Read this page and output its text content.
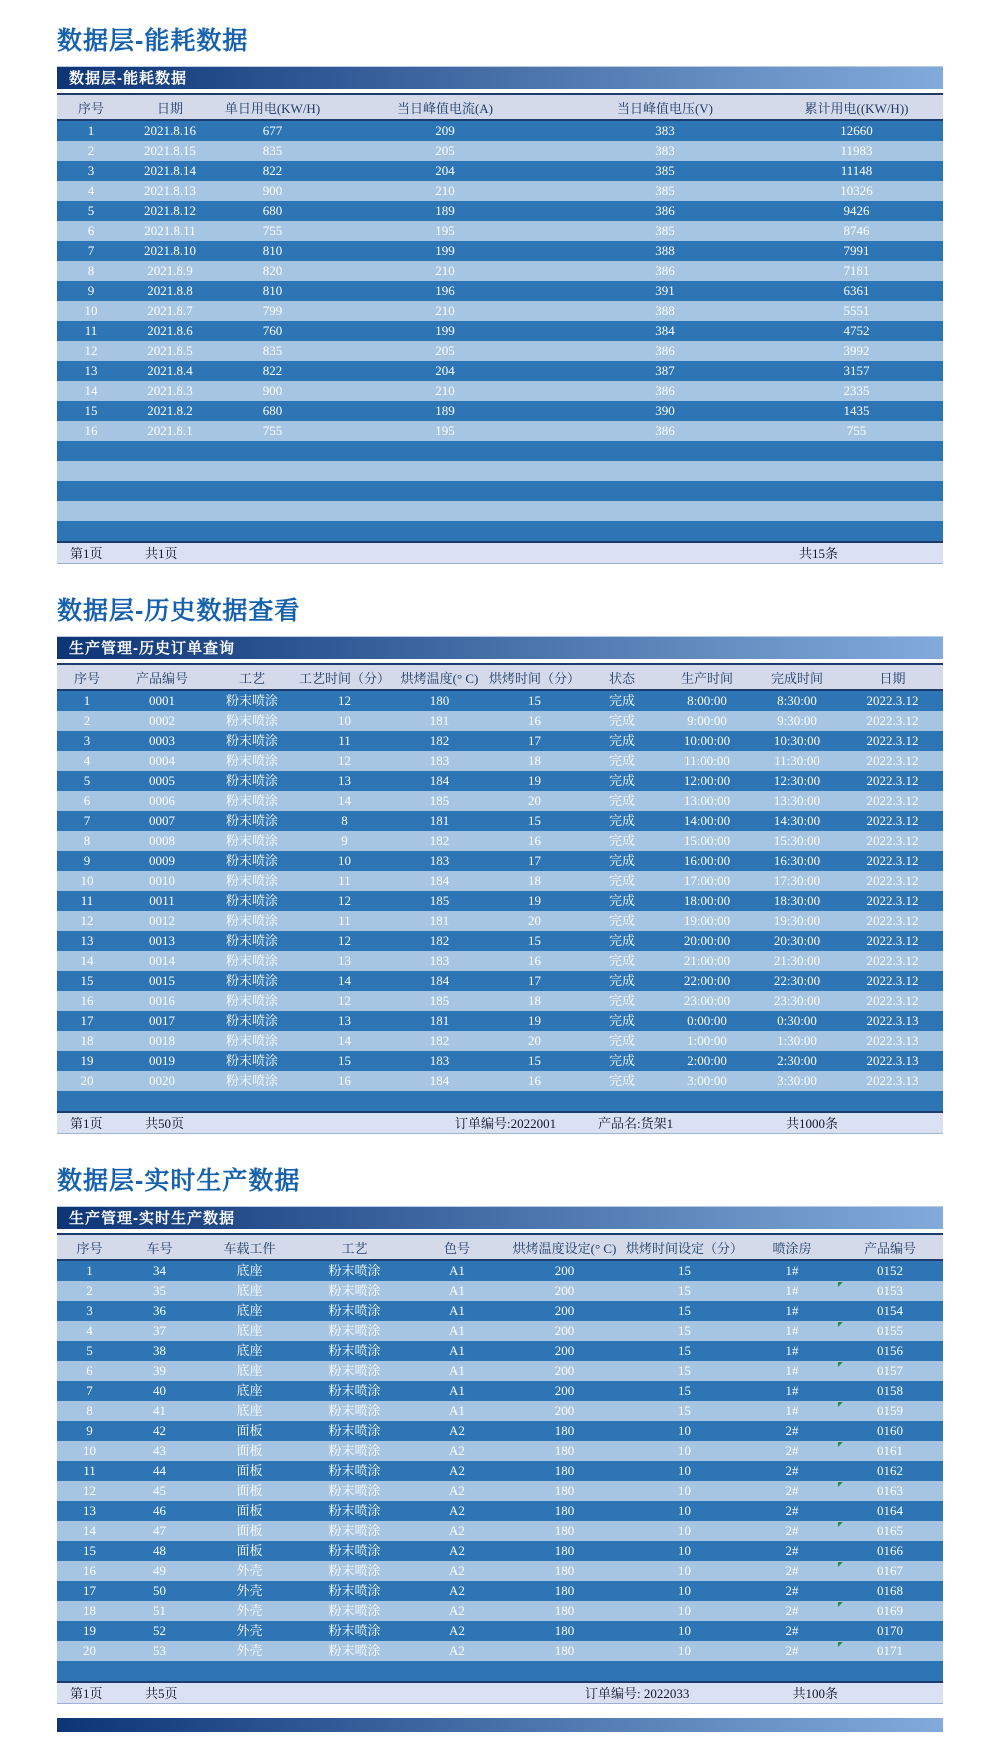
数据层-能耗数据
数据层-能耗数据
序号	日期	单日用电(KW/H)	当日峰值电流(A)	当日峰值电压(V)	累计用电((KW/H))
1	2021.8.16	677	209	383	12660
2	2021.8.15	835	205	383	11983
3	2021.8.14	822	204	385	11148
4	2021.8.13	900	210	385	10326
5	2021.8.12	680	189	386	9426
6	2021.8.11	755	195	385	8746
7	2021.8.10	810	199	388	7991
8	2021.8.9	820	210	386	7181
9	2021.8.8	810	196	391	6361
10	2021.8.7	799	210	388	5551
11	2021.8.6	760	199	384	4752
12	2021.8.5	835	205	386	3992
13	2021.8.4	822	204	387	3157
14	2021.8.3	900	210	386	2335
15	2021.8.2	680	189	390	1435
16	2021.8.1	755	195	386	755

第1页	共1页	共15条
数据层-历史数据查看
生产管理-历史订单查询
序号	产品编号	工艺	工艺时间（分）	烘烤温度(° C)	烘烤时间（分）	状态	生产时间	完成时间	日期
1	0001	粉末喷涂	12	180	15	完成	8:00:00	8:30:00	2022.3.12
2	0002	粉末喷涂	10	181	16	完成	9:00:00	9:30:00	2022.3.12
3	0003	粉末喷涂	11	182	17	完成	10:00:00	10:30:00	2022.3.12
4	0004	粉末喷涂	12	183	18	完成	11:00:00	11:30:00	2022.3.12
5	0005	粉末喷涂	13	184	19	完成	12:00:00	12:30:00	2022.3.12
6	0006	粉末喷涂	14	185	20	完成	13:00:00	13:30:00	2022.3.12
7	0007	粉末喷涂	8	181	15	完成	14:00:00	14:30:00	2022.3.12
8	0008	粉末喷涂	9	182	16	完成	15:00:00	15:30:00	2022.3.12
9	0009	粉末喷涂	10	183	17	完成	16:00:00	16:30:00	2022.3.12
10	0010	粉末喷涂	11	184	18	完成	17:00:00	17:30:00	2022.3.12
11	0011	粉末喷涂	12	185	19	完成	18:00:00	18:30:00	2022.3.12
12	0012	粉末喷涂	11	181	20	完成	19:00:00	19:30:00	2022.3.12
13	0013	粉末喷涂	12	182	15	完成	20:00:00	20:30:00	2022.3.12
14	0014	粉末喷涂	13	183	16	完成	21:00:00	21:30:00	2022.3.12
15	0015	粉末喷涂	14	184	17	完成	22:00:00	22:30:00	2022.3.12
16	0016	粉末喷涂	12	185	18	完成	23:00:00	23:30:00	2022.3.12
17	0017	粉末喷涂	13	181	19	完成	0:00:00	0:30:00	2022.3.13
18	0018	粉末喷涂	14	182	20	完成	1:00:00	1:30:00	2022.3.13
19	0019	粉末喷涂	15	183	15	完成	2:00:00	2:30:00	2022.3.13
20	0020	粉末喷涂	16	184	16	完成	3:00:00	3:30:00	2022.3.13

第1页	共50页	订单编号:2022001	产品名:货架1	共1000条
数据层-实时生产数据
生产管理-实时生产数据
序号	车号	车载工件	工艺	色号	烘烤温度设定(° C)	烘烤时间设定（分）	喷涂房	产品编号
1	34	底座	粉末喷涂	A1	200	15	1#	0152
2	35	底座	粉末喷涂	A1	200	15	1#	0153
3	36	底座	粉末喷涂	A1	200	15	1#	0154
4	37	底座	粉末喷涂	A1	200	15	1#	0155
5	38	底座	粉末喷涂	A1	200	15	1#	0156
6	39	底座	粉末喷涂	A1	200	15	1#	0157
7	40	底座	粉末喷涂	A1	200	15	1#	0158
8	41	底座	粉末喷涂	A1	200	15	1#	0159
9	42	面板	粉末喷涂	A2	180	10	2#	0160
10	43	面板	粉末喷涂	A2	180	10	2#	0161
11	44	面板	粉末喷涂	A2	180	10	2#	0162
12	45	面板	粉末喷涂	A2	180	10	2#	0163
13	46	面板	粉末喷涂	A2	180	10	2#	0164
14	47	面板	粉末喷涂	A2	180	10	2#	0165
15	48	面板	粉末喷涂	A2	180	10	2#	0166
16	49	外壳	粉末喷涂	A2	180	10	2#	0167
17	50	外壳	粉末喷涂	A2	180	10	2#	0168
18	51	外壳	粉末喷涂	A2	180	10	2#	0169
19	52	外壳	粉末喷涂	A2	180	10	2#	0170
20	53	外壳	粉末喷涂	A2	180	10	2#	0171

第1页	共5页	订单编号: 2022033	共100条
